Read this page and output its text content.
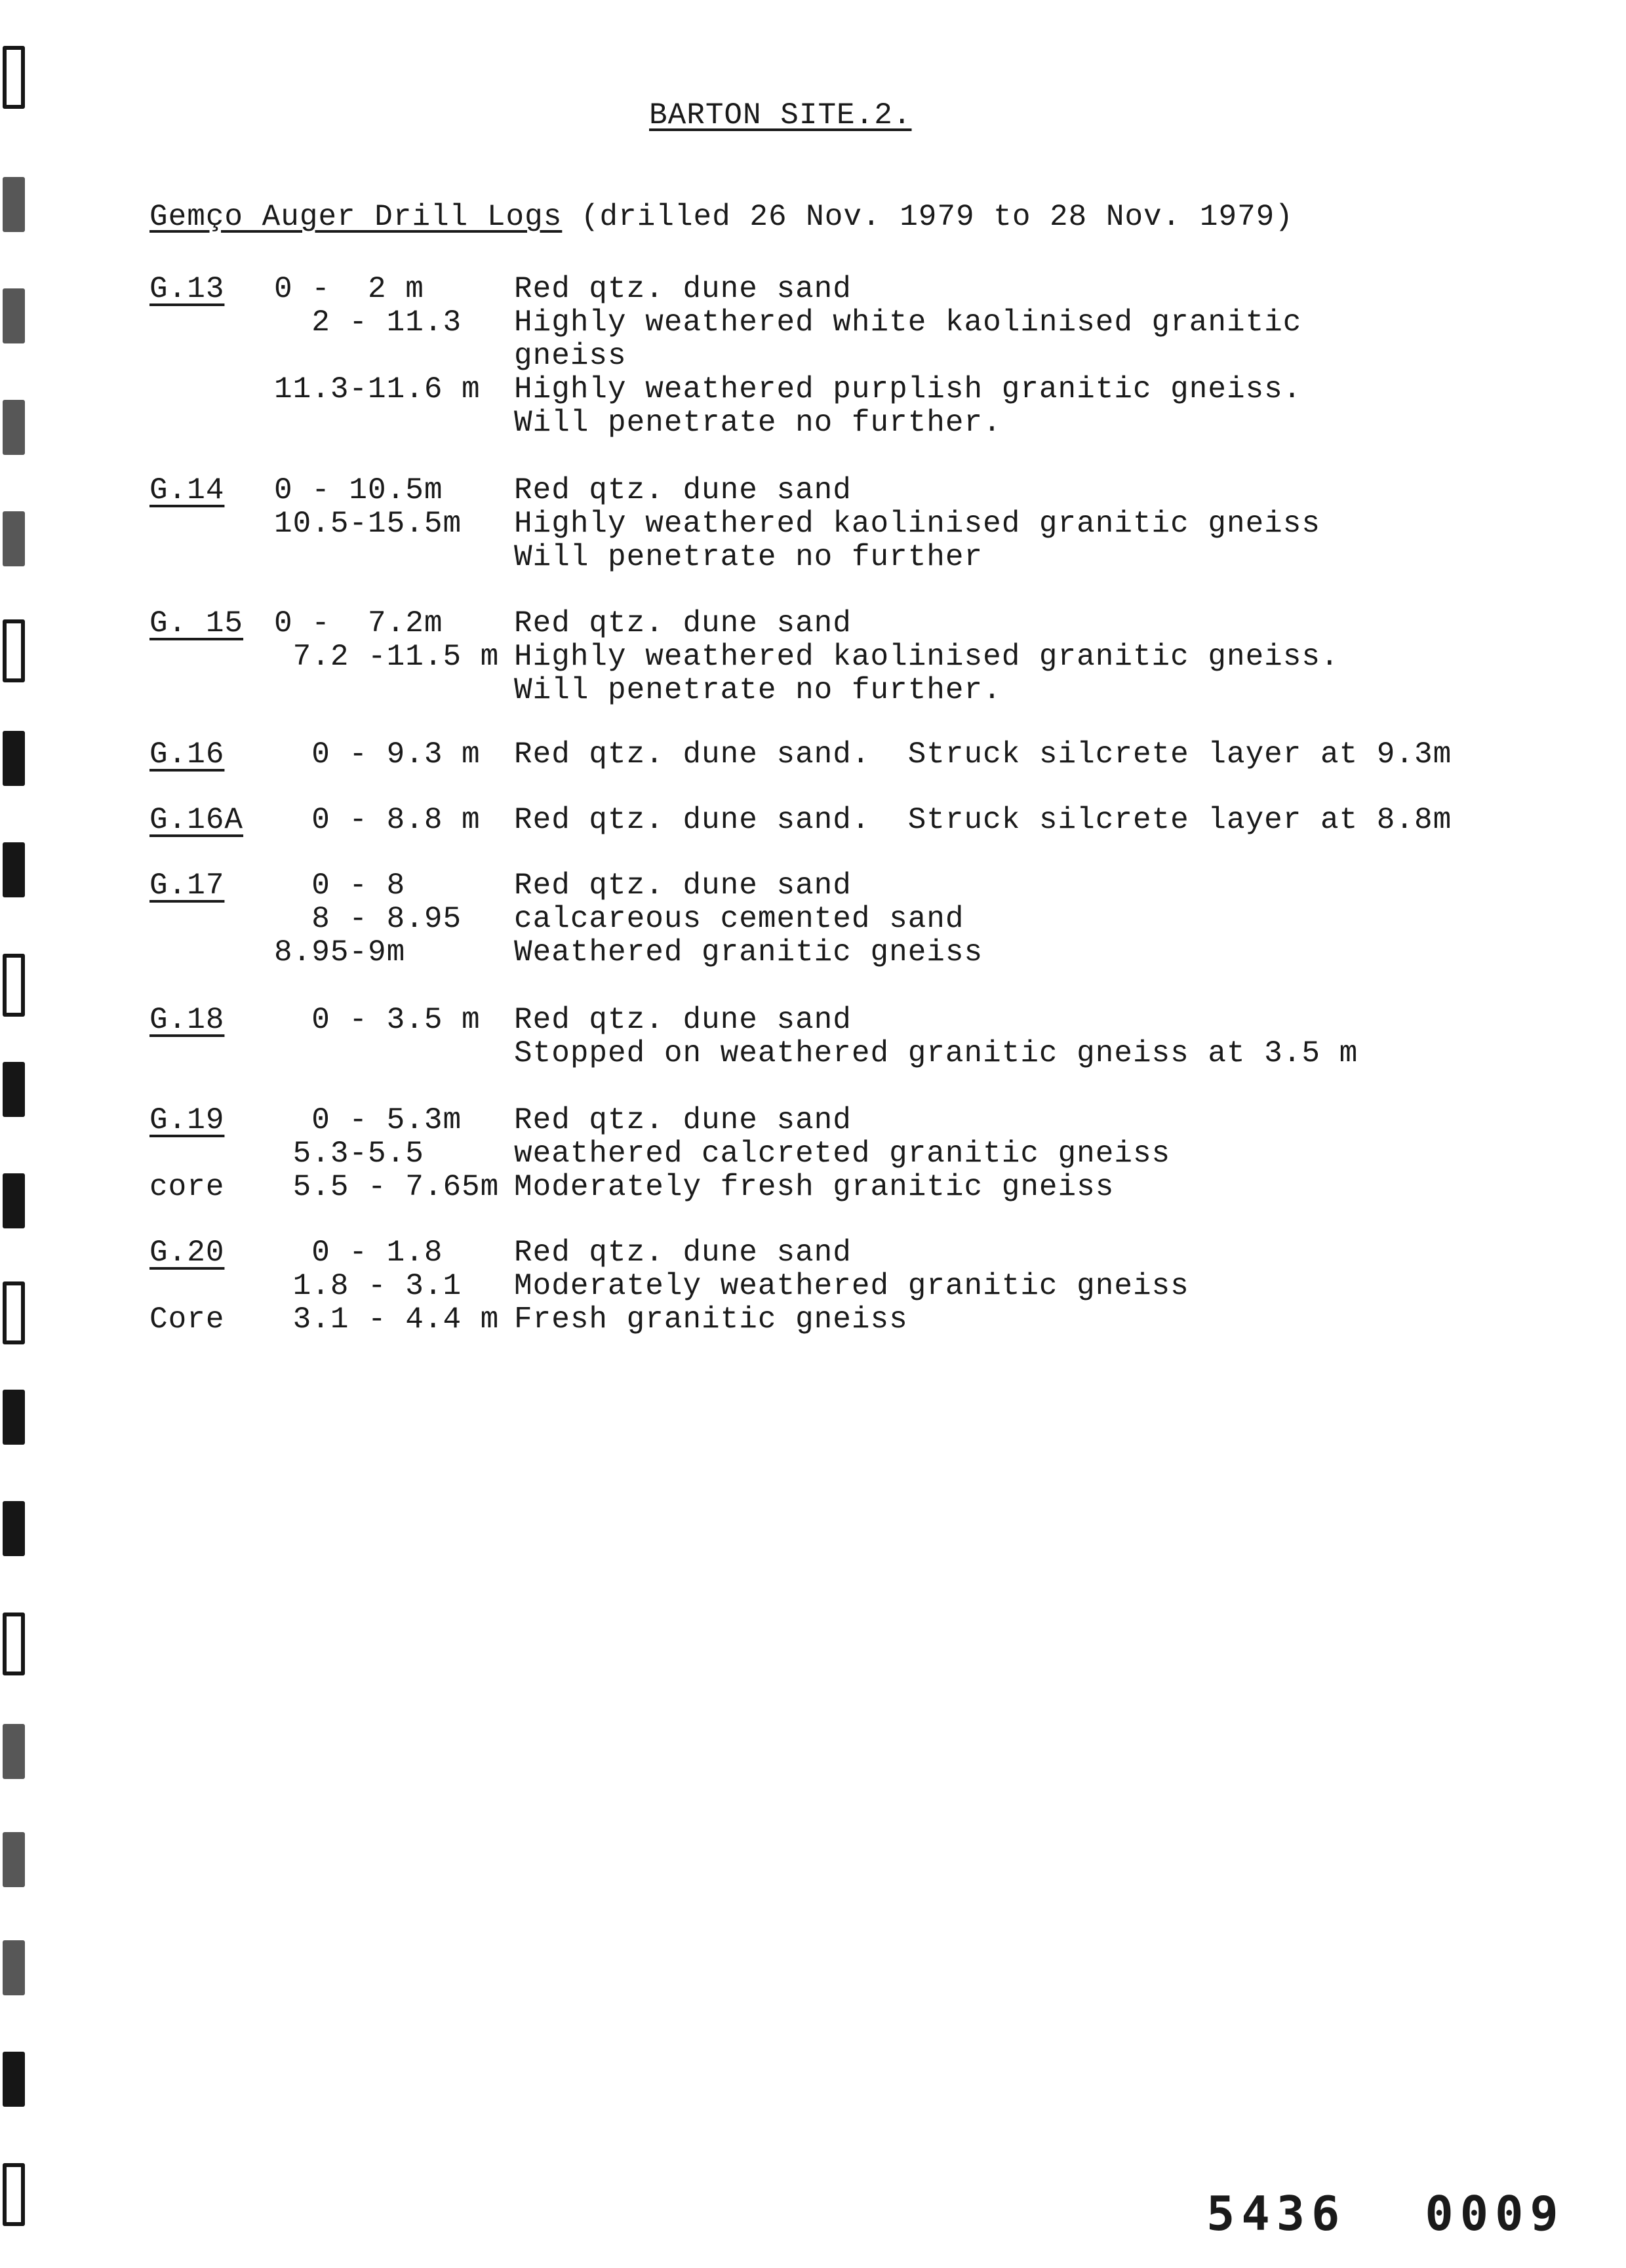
BARTON SITE.2.
Gemço Auger Drill Logs (drilled 26 Nov. 1979 to 28 Nov. 1979)
G.13 0 -  2 m	Red qtz. dune sand
2 - 11.3	Highly weathered white kaolinised granitic
gneiss
11.3-11.6 m	Highly weathered purplish granitic gneiss.
Will penetrate no further.
G.14 0 - 10.5m	Red qtz. dune sand
10.5-15.5m	Highly weathered kaolinised granitic gneiss
Will penetrate no further
G. 15 0 -  7.2m	Red qtz. dune sand
7.2 -11.5 m Highly weathered kaolinised granitic gneiss.
Will penetrate no further.
G.16 0 - 9.3 m	Red qtz. dune sand.  Struck silcrete layer at 9.3m
G.16A 0 - 8.8 m	Red qtz. dune sand.  Struck silcrete layer at 8.8m
G.17 0 - 8	Red qtz. dune sand
8 - 8.95	calcareous cemented sand
8.95-9m	Weathered granitic gneiss
G.18 0 - 3.5 m	Red qtz. dune sand
Stopped on weathered granitic gneiss at 3.5 m
G.19 0 - 5.3m	Red qtz. dune sand
5.3-5.5	weathered calcreted granitic gneiss
core 5.5 - 7.65m Moderately fresh granitic gneiss
G.20 0 - 1.8	Red qtz. dune sand
1.8 - 3.1	Moderately weathered granitic gneiss
Core 3.1 - 4.4 m Fresh granitic gneiss
5436 0009
